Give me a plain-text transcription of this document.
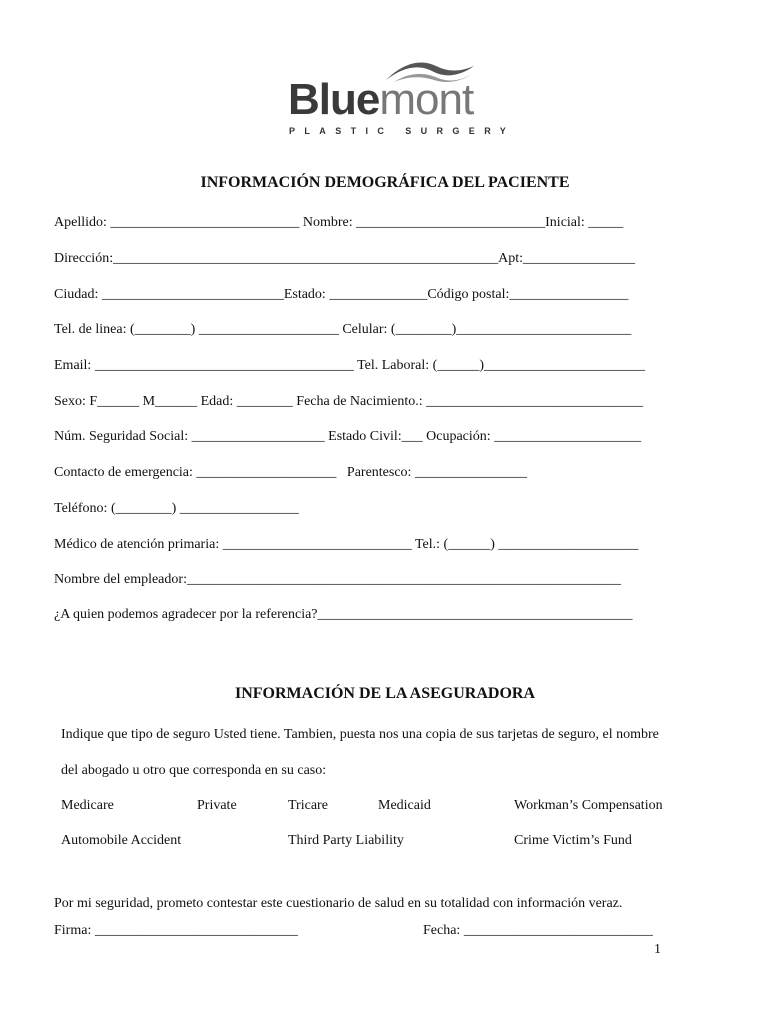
Bluemont
PLASTIC SURGERY
INFORMACIÓN DEMOGRÁFICA DEL PACIENTE
Apellido: ___________________________ Nombre: ___________________________Inicial: _____
Dirección:_______________________________________________________Apt:________________
Ciudad: __________________________Estado: ______________Código postal:_________________
Tel. de linea: (________) ____________________ Celular: (________)_________________________
Email: _____________________________________ Tel. Laboral: (______)_______________________
Sexo: F______ M______ Edad: ________ Fecha de Nacimiento.: _______________________________
Núm. Seguridad Social: ___________________ Estado Civil:___ Ocupación: _____________________
Contacto de emergencia: ____________________   Parentesco: ________________
Teléfono: (________) _________________
Médico de atención primaria: ___________________________ Tel.: (______) ____________________
Nombre del empleador:______________________________________________________________
¿A quien podemos agradecer por la referencia?_____________________________________________
INFORMACIÓN DE LA ASEGURADORA
Indique que tipo de seguro Usted tiene. Tambien, puesta nos una copia de sus tarjetas de seguro, el nombre
del abogado u otro que corresponda en su caso:
Medicare	Private	Tricare	Medicaid	Workman’s Compensation
Automobile Accident	Third Party Liability	Crime Victim’s Fund
Por mi seguridad, prometo contestar este cuestionario de salud en su totalidad con información veraz.
Firma: _____________________________	Fecha: ___________________________
1
